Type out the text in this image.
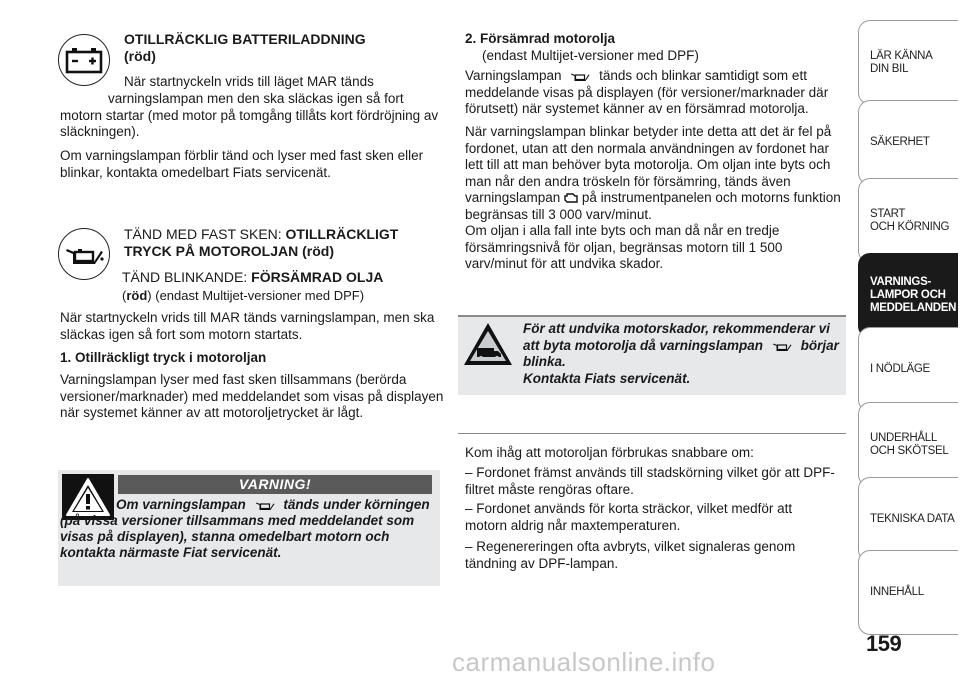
OTILLRÄCKLIG BATTERILADDNING
(röd)

När startnyckeln vrids till läget MAR tänds

varningslampan men den ska släckas igen så fort motorn startar (med motor på tomgång tillåts kort fördröjning av släckningen).

Om varningslampan förblir tänd och lyser med fast sken eller blinkar, kontakta omedelbart Fiats servicenät.

TÄND MED FAST SKEN: OTILLRÄCKLIGT TRYCK PÅ MOTOROLJAN (röd)
TÄND BLINKANDE: FÖRSÄMRAD OLJA
(röd) (endast Multijet-versioner med DPF)

När startnyckeln vrids till MAR tänds varningslampan, men ska släckas igen så fort som motorn startats.

1. Otillräckligt tryck i motoroljan

Varningslampan lyser med fast sken tillsammans (berörda versioner/marknader) med meddelandet som visas på displayen när systemet känner av att motoroljetrycket är lågt.

VARNING!
Om varningslampan	tänds under körningen (på vissa versioner tillsammans med meddelandet som visas på displayen), stanna omedelbart motorn och kontakta närmaste Fiat servicenät.

2. Försämrad motorolja

(endast Multijet-versioner med DPF)

Varningslampan	tänds och blinkar samtidigt som ett meddelande visas på displayen (för versioner/marknader där förutsett) när systemet känner av en försämrad motorolja.
När varningslampan blinkar betyder inte detta att det är fel på fordonet, utan att den normala användningen av fordonet har lett till att man behöver byta motorolja. Om oljan inte byts och man når den andra tröskeln för försämring, tänds även varningslampan på instrumentpanelen och motorns funktion begränsas till 3 000 varv/minut.

Om oljan i alla fall inte byts och man då når en tredje försämringsnivå för oljan, begränsas motorn till 1 500 varv/minut för att undvika skador.

För att undvika motorskador, rekommenderar vi att byta motorolja då varningslampan	börjar blinka.
Kontakta Fiats servicenät.

Kom ihåg att motoroljan förbrukas snabbare om:

– Fordonet främst används till stadskörning vilket gör att DPF-filtret måste rengöras oftare.

– Fordonet används för korta sträckor, vilket medför att motorn aldrig når maxtemperaturen.

– Regenereringen ofta avbryts, vilket signaleras genom tändning av DPF-lampan.

LÄR KÄNNA
DIN BIL
SÄKERHET
START
OCH KÖRNING
VARNINGS-
LAMPOR OCH
MEDDELANDEN
I NÖDLÄGE
UNDERHÅLL
OCH SKÖTSEL
TEKNISKA DATA
INNEHÅLL
159
carmanualsonline.info
